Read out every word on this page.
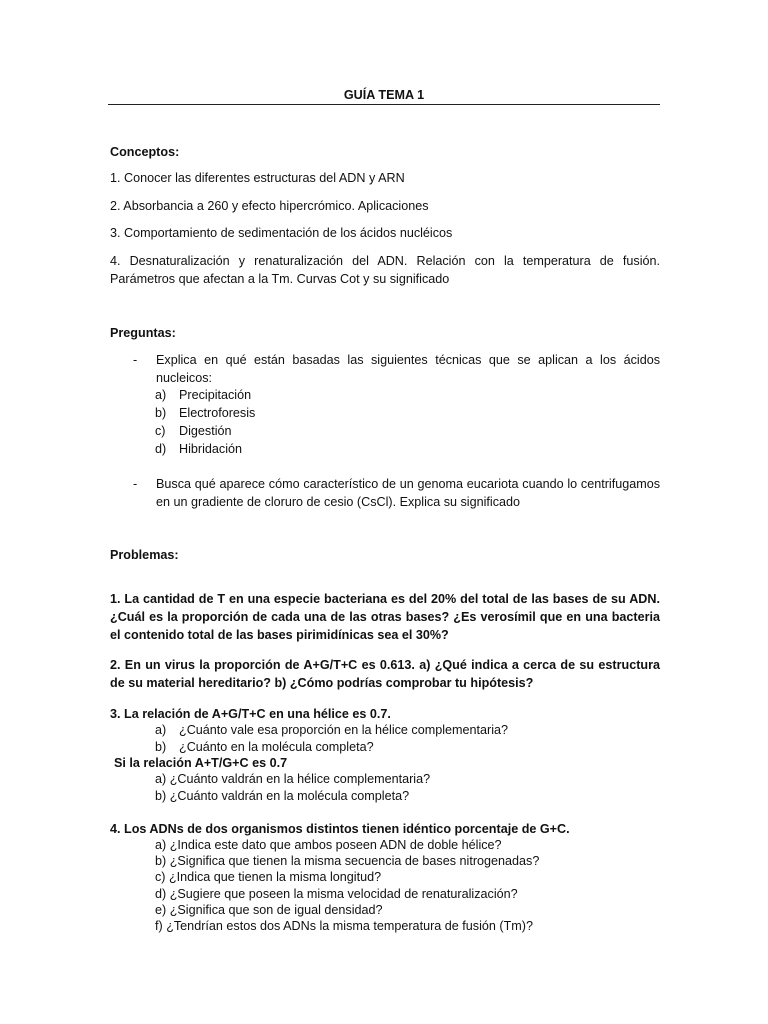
GUÍA TEMA 1
Conceptos:
1. Conocer las diferentes estructuras del ADN y ARN
2. Absorbancia a 260 y efecto hipercrómico. Aplicaciones
3. Comportamiento de sedimentación de los ácidos nucléicos
4. Desnaturalización y renaturalización del ADN. Relación con la temperatura de fusión. Parámetros que afectan a la Tm. Curvas Cot y su significado
Preguntas:
- Explica en qué están basadas las siguientes técnicas que se aplican a los ácidos nucleicos:
a) Precipitación
b) Electroforesis
c) Digestión
d) Hibridación
- Busca qué aparece cómo característico de un genoma eucariota cuando lo centrifugamos en un gradiente de cloruro de cesio (CsCl). Explica su significado
Problemas:
1. La cantidad de T en una especie bacteriana es del 20% del total de las bases de su ADN. ¿Cuál es la proporción de cada una de las otras bases? ¿Es verosímil que en una bacteria el contenido total de las bases pirimidínicas sea el 30%?
2. En un virus la proporción de A+G/T+C es 0.613. a) ¿Qué indica a cerca de su estructura de su material hereditario? b) ¿Cómo podrías comprobar tu hipótesis?
3. La relación de A+G/T+C en una hélice es 0.7.
a) ¿Cuánto vale esa proporción en la hélice complementaria?
b) ¿Cuánto en la molécula completa?
Si la relación A+T/G+C es 0.7
a) ¿Cuánto valdrán en la hélice complementaria?
b) ¿Cuánto valdrán en la molécula completa?
4. Los ADNs de dos organismos distintos tienen idéntico porcentaje de G+C.
a) ¿Indica este dato que ambos poseen ADN de doble hélice?
b) ¿Significa que tienen la misma secuencia de bases nitrogenadas?
c) ¿Indica que tienen la misma longitud?
d) ¿Sugiere que poseen la misma velocidad de renaturalización?
e) ¿Significa que son de igual densidad?
f) ¿Tendrían estos dos ADNs la misma temperatura de fusión (Tm)?
